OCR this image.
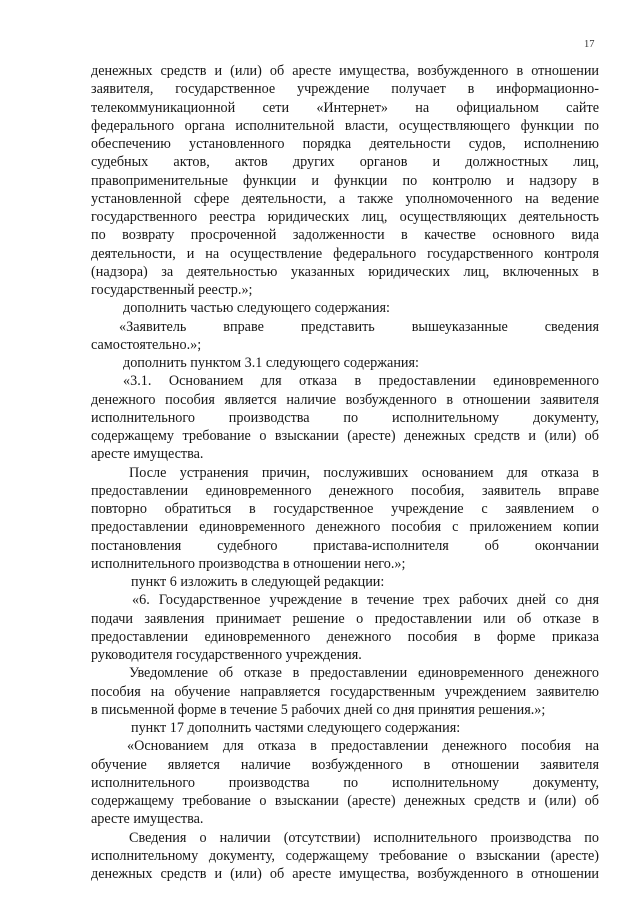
17

денежных средств и (или) об аресте имущества, возбужденного в отношении

заявителя, государственное учреждение получает в информационно-

телекоммуникационной сети «Интернет» на официальном сайте

федерального органа исполнительной власти, осуществляющего функции по

обеспечению установленного порядка деятельности судов, исполнению

судебных актов, актов других органов и должностных лиц,

правоприменительные функции и функции по контролю и надзору в

установленной сфере деятельности, а также уполномоченного на ведение

государственного реестра юридических лиц, осуществляющих деятельность

по возврату просроченной задолженности в качестве основного вида

деятельности, и на осуществление федерального государственного контроля

(надзора) за деятельностью указанных юридических лиц, включенных в

государственный реестр.»;

дополнить частью следующего содержания:

«Заявитель вправе представить вышеуказанные сведения

самостоятельно.»;

дополнить пунктом 3.1 следующего содержания:

«3.1. Основанием для отказа в предоставлении единовременного

денежного пособия является наличие возбужденного в отношении заявителя

исполнительного производства по исполнительному документу,

содержащему требование о взыскании (аресте) денежных средств и (или) об

аресте имущества.

После устранения причин, послуживших основанием для отказа в

предоставлении единовременного денежного пособия, заявитель вправе

повторно обратиться в государственное учреждение с заявлением о

предоставлении единовременного денежного пособия с приложением копии

постановления судебного пристава-исполнителя об окончании

исполнительного производства в отношении него.»;

пункт 6 изложить в следующей редакции:

«6. Государственное учреждение в течение трех рабочих дней со дня

подачи заявления принимает решение о предоставлении или об отказе в

предоставлении единовременного денежного пособия в форме приказа

руководителя государственного учреждения.

Уведомление об отказе в предоставлении единовременного денежного

пособия на обучение направляется государственным учреждением заявителю

в письменной форме в течение 5 рабочих дней со дня принятия решения.»;

пункт 17 дополнить частями следующего содержания:

«Основанием для отказа в предоставлении денежного пособия на

обучение является наличие возбужденного в отношении заявителя

исполнительного производства по исполнительному документу,

содержащему требование о взыскании (аресте) денежных средств и (или) об

аресте имущества.

Сведения о наличии (отсутствии) исполнительного производства по

исполнительному документу, содержащему требование о взыскании (аресте)

денежных средств и (или) об аресте имущества, возбужденного в отношении
